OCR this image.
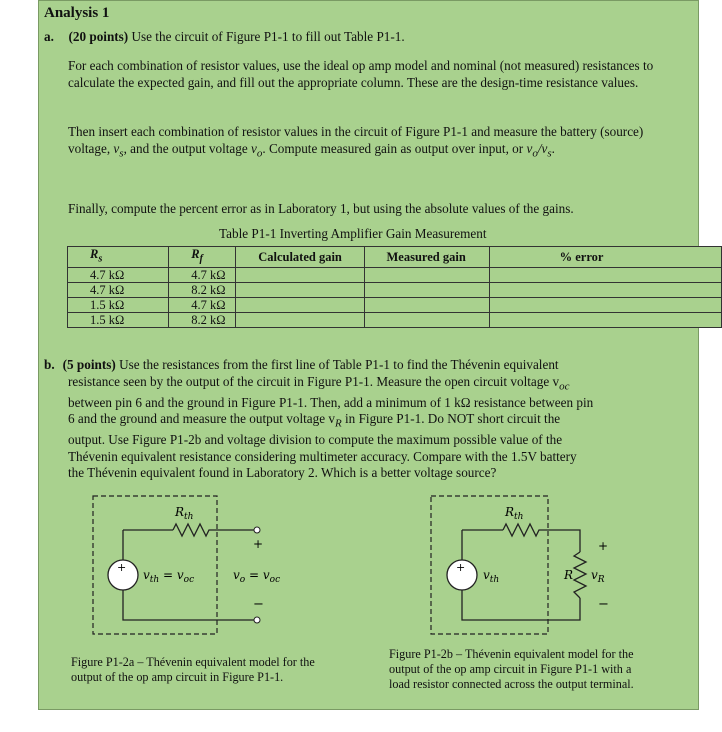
Analysis 1
a. (20 points) Use the circuit of Figure P1-1 to fill out Table P1-1.
For each combination of resistor values, use the ideal op amp model and nominal (not measured) resistances to calculate the expected gain, and fill out the appropriate column. These are the design-time resistance values.
Then insert each combination of resistor values in the circuit of Figure P1-1 and measure the battery (source) voltage, $v_s$, and the output voltage $v_o$. Compute measured gain as output over input, or $v_o/v_s$.
Finally, compute the percent error as in Laboratory 1, but using the absolute values of the gains.
Table P1-1 Inverting Amplifier Gain Measurement
$R_s$	$R_f$	Calculated gain	Measured gain	% error
4.7 kΩ	4.7 kΩ			
4.7 kΩ	8.2 kΩ			
1.5 kΩ	4.7 kΩ			
1.5 kΩ	8.2 kΩ			
b. (5 points) Use the resistances from the first line of Table P1-1 to find the Thévenin equivalent
resistance seen by the output of the circuit in Figure P1-1. Measure the open circuit voltage $v_{oc}$
between pin 6 and the ground in Figure P1-1. Then, add a minimum of 1 kΩ resistance between pin
6 and the ground and measure the output voltage $v_R$ in Figure P1-1. Do NOT short circuit the
output. Use Figure P1-2b and voltage division to compute the maximum possible value of the
Thévenin equivalent resistance considering multimeter accuracy. Compare with the 1.5V battery
the Thévenin equivalent found in Laboratory 2. Which is a better voltage source?
+
$R_{th}$
$v_{th} = v_{oc}$	$v_o = v_{oc}$
+
−
Figure P1-2a – Thévenin equivalent model for the
output of the op amp circuit in Figure P1-1.
+
$R_{th}$
$v_{th}$	R $v_R$
+
−
Figure P1-2b – Thévenin equivalent model for the
output of the op amp circuit in Figure P1-1 with a
load resistor connected across the output terminal.
